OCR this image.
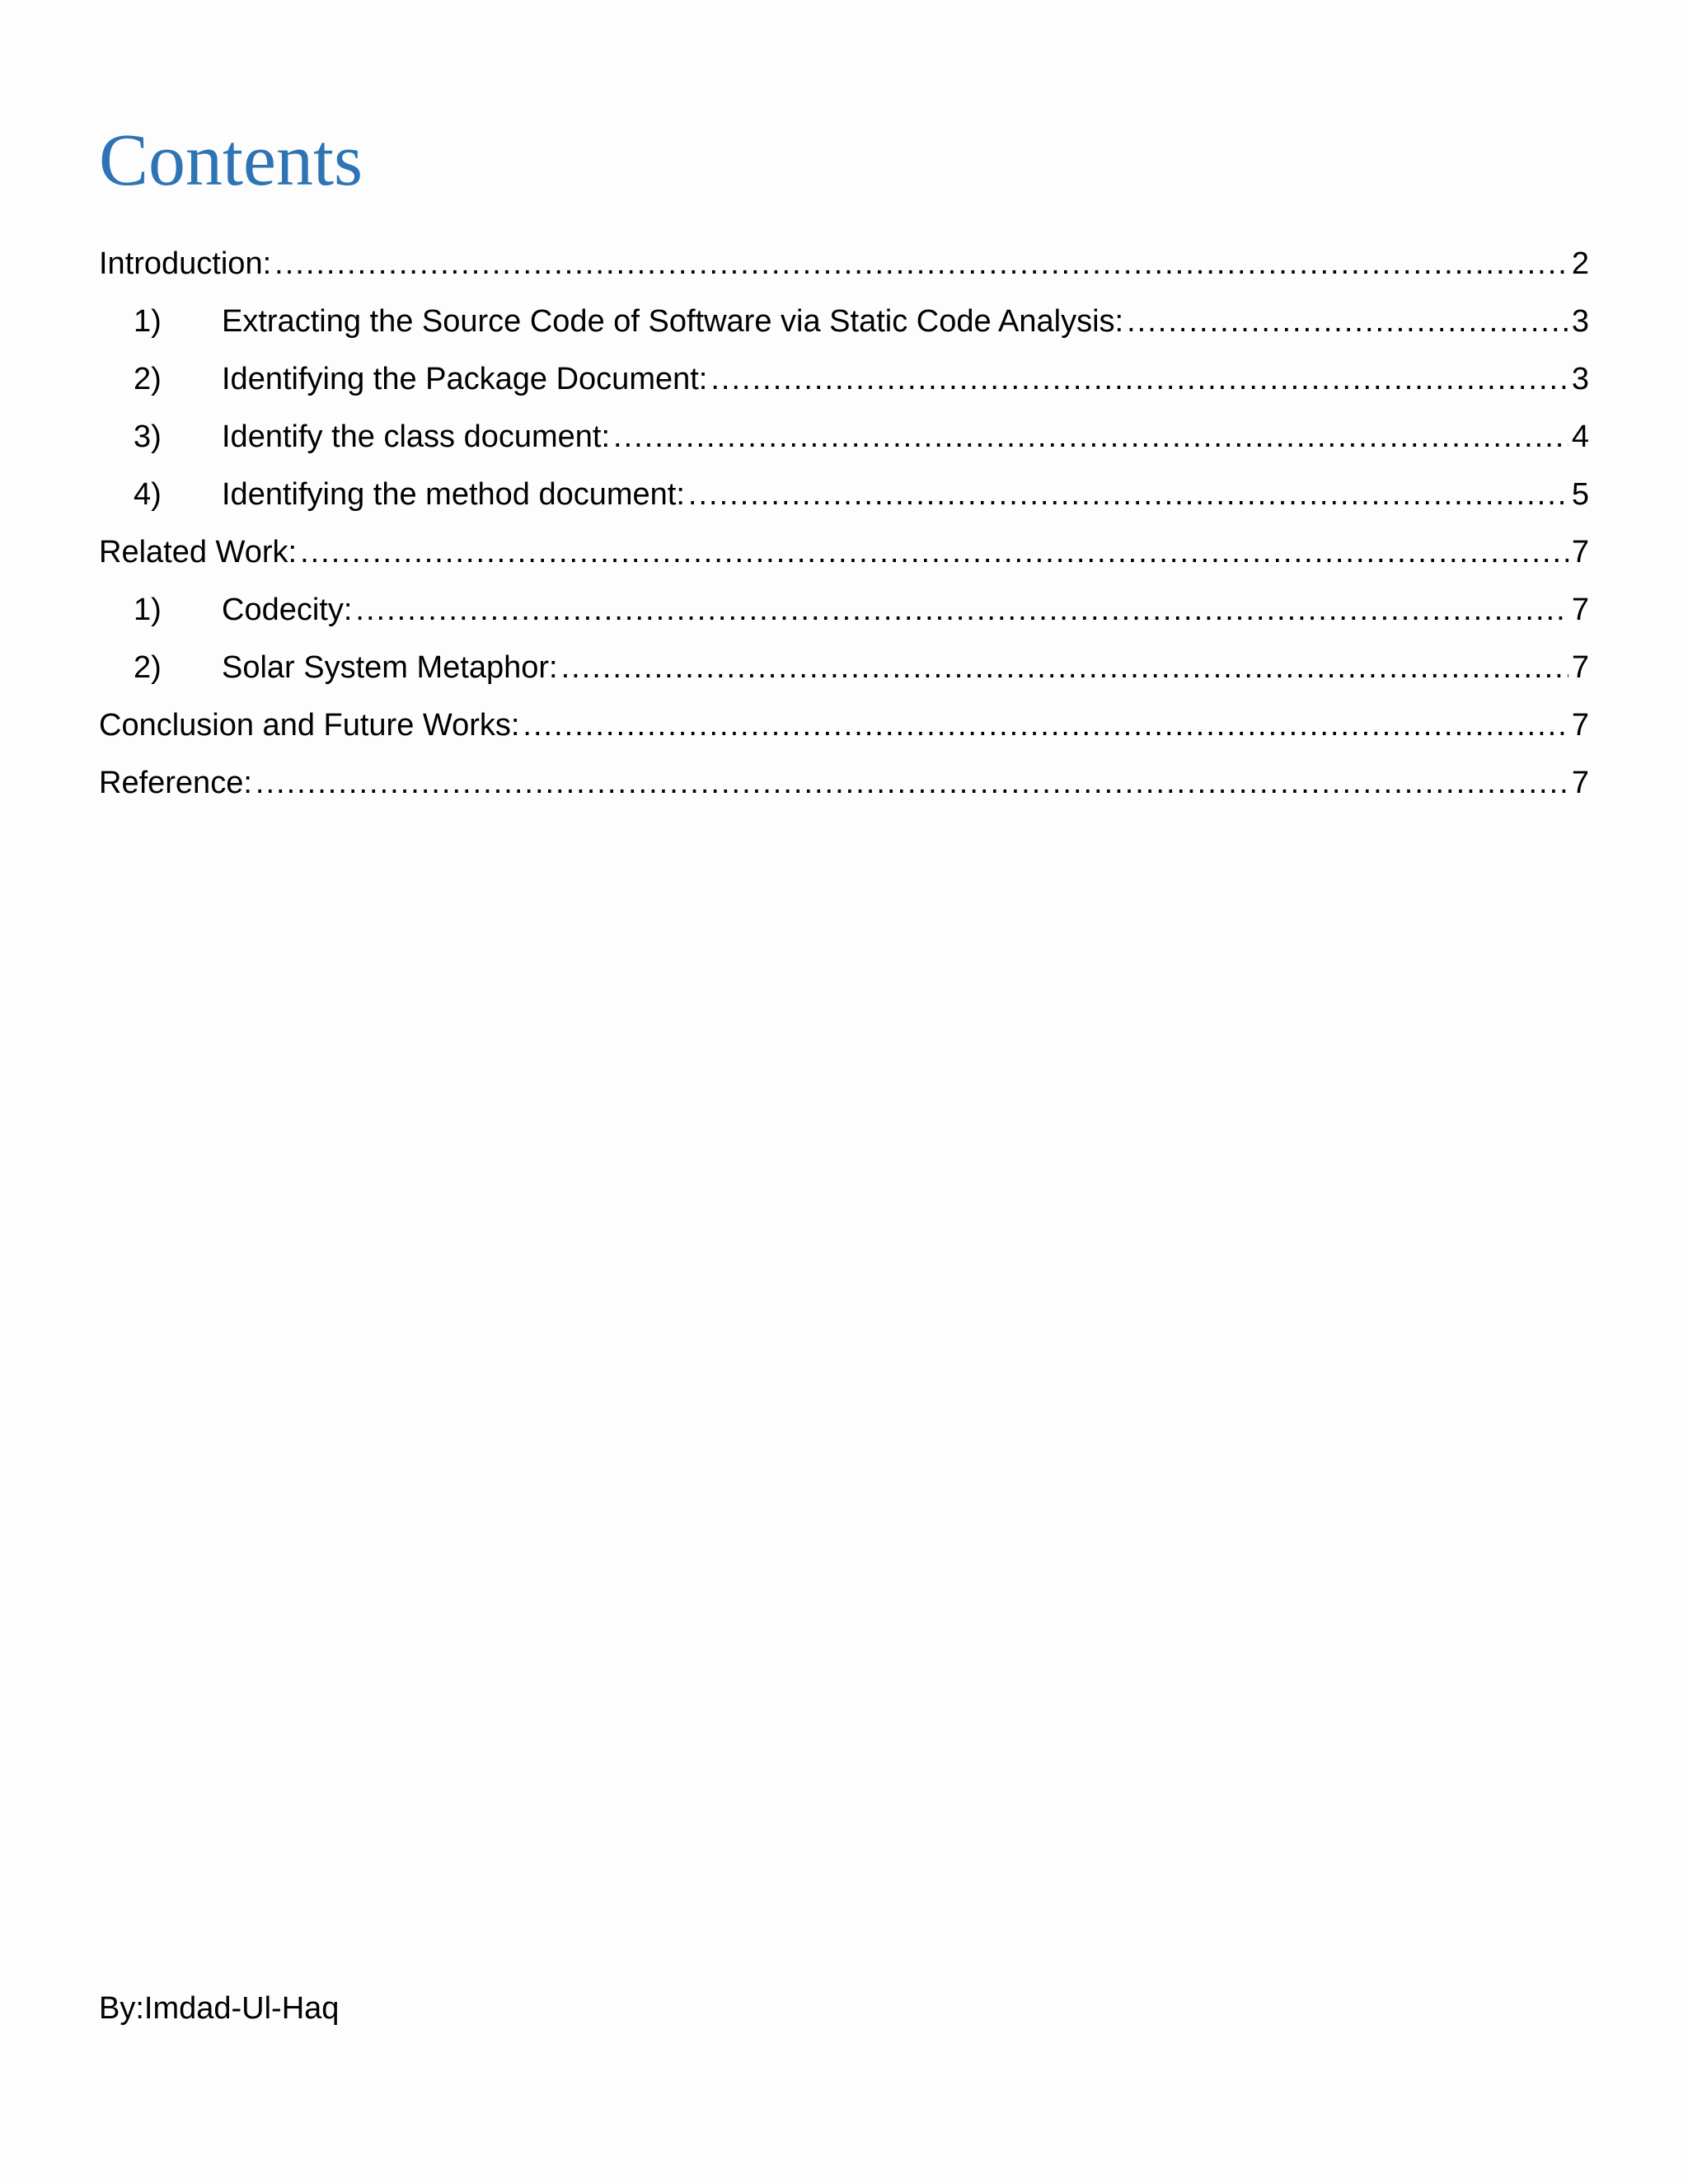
Contents
Introduction: .....	2
1)	Extracting the Source Code of Software via Static Code Analysis: .....	3
2)	Identifying the Package Document: .....	3
3)	Identify the class document: .....	4
4)	Identifying the method document: .....	5
Related Work: .....	7
1)	Codecity: .....	7
2)	Solar System Metaphor: .....	7
Conclusion and Future Works: .....	7
Reference: .....	7

By:Imdad-Ul-Haq
